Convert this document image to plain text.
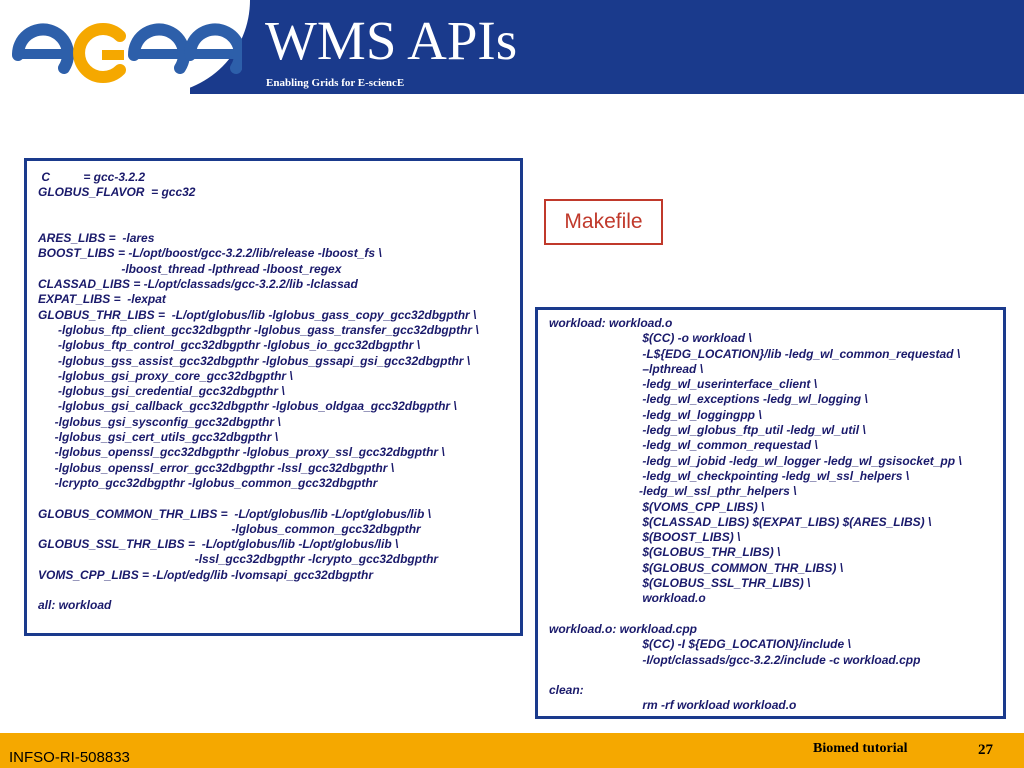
WMS APIs
Enabling Grids for E-sciencE
C          = gcc-3.2.2
GLOBUS_FLAVOR  = gcc32
ARES_LIBS =  -lares
BOOST_LIBS = -L/opt/boost/gcc-3.2.2/lib/release -lboost_fs \
-lboost_thread -lpthread -lboost_regex
CLASSAD_LIBS = -L/opt/classads/gcc-3.2.2/lib -lclassad
EXPAT_LIBS =  -lexpat
GLOBUS_THR_LIBS =  -L/opt/globus/lib -lglobus_gass_copy_gcc32dbgpthr \
-lglobus_ftp_client_gcc32dbgpthr -lglobus_gass_transfer_gcc32dbgpthr \
-lglobus_ftp_control_gcc32dbgpthr -lglobus_io_gcc32dbgpthr \
-lglobus_gss_assist_gcc32dbgpthr -lglobus_gssapi_gsi_gcc32dbgpthr \
-lglobus_gsi_proxy_core_gcc32dbgpthr \
-lglobus_gsi_credential_gcc32dbgpthr \
-lglobus_gsi_callback_gcc32dbgpthr -lglobus_oldgaa_gcc32dbgpthr \
-lglobus_gsi_sysconfig_gcc32dbgpthr \
-lglobus_gsi_cert_utils_gcc32dbgpthr \
-lglobus_openssl_gcc32dbgpthr -lglobus_proxy_ssl_gcc32dbgpthr \
-lglobus_openssl_error_gcc32dbgpthr -lssl_gcc32dbgpthr \
-lcrypto_gcc32dbgpthr -lglobus_common_gcc32dbgpthr
GLOBUS_COMMON_THR_LIBS =  -L/opt/globus/lib -L/opt/globus/lib \
-lglobus_common_gcc32dbgpthr
GLOBUS_SSL_THR_LIBS =  -L/opt/globus/lib -L/opt/globus/lib \
-lssl_gcc32dbgpthr -lcrypto_gcc32dbgpthr
VOMS_CPP_LIBS = -L/opt/edg/lib -lvomsapi_gcc32dbgpthr
all: workload
Makefile
workload: workload.o
$(CC) -o workload \
-L${EDG_LOCATION}/lib -ledg_wl_common_requestad \
–lpthread \
-ledg_wl_userinterface_client \
-ledg_wl_exceptions -ledg_wl_logging \
-ledg_wl_loggingpp \
-ledg_wl_globus_ftp_util -ledg_wl_util \
-ledg_wl_common_requestad \
-ledg_wl_jobid -ledg_wl_logger -ledg_wl_gsisocket_pp \
-ledg_wl_checkpointing -ledg_wl_ssl_helpers \
-ledg_wl_ssl_pthr_helpers \
$(VOMS_CPP_LIBS) \
$(CLASSAD_LIBS) $(EXPAT_LIBS) $(ARES_LIBS) \
$(BOOST_LIBS) \
$(GLOBUS_THR_LIBS) \
$(GLOBUS_COMMON_THR_LIBS) \
$(GLOBUS_SSL_THR_LIBS) \
workload.o
workload.o: workload.cpp
$(CC) -I ${EDG_LOCATION}/include \
-I/opt/classads/gcc-3.2.2/include -c workload.cpp
clean:
rm -rf workload workload.o
INFSO-RI-508833
Biomed tutorial	27
